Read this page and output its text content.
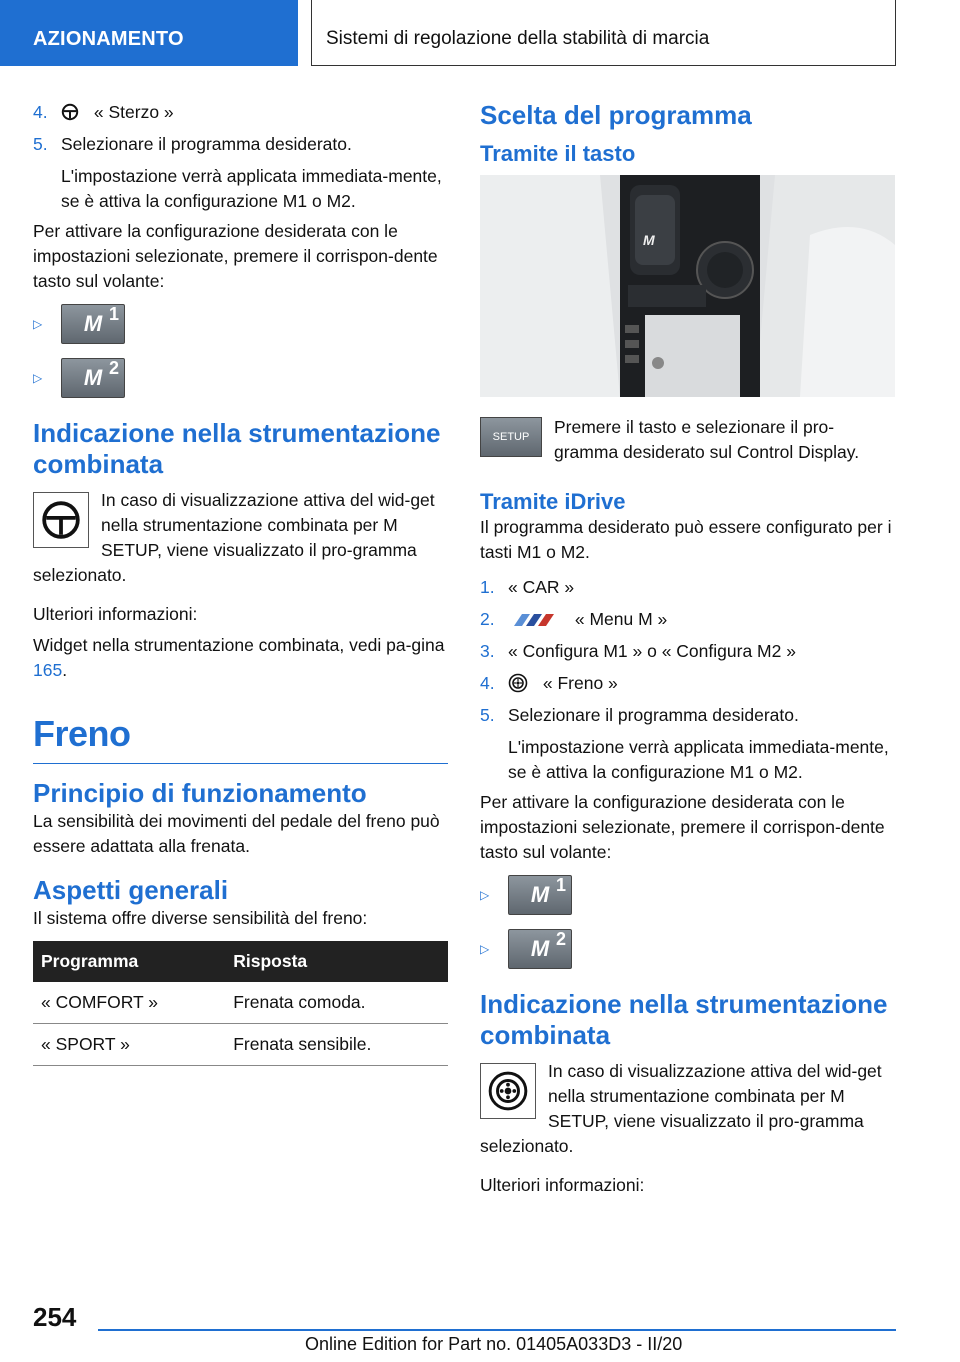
AZIONAMENTO	Sistemi di regolazione della stabilità di marcia
4.	« Sterzo »
5. Selezionare il programma desiderato.
L'impostazione verrà applicata immediata-mente, se è attiva la configurazione M1 o M2.

Per attivare la configurazione desiderata con le impostazioni selezionate, premere il corrispon-dente tasto sul volante:

▷	M 1
▷	M 2
Indicazione nella strumentazione combinata
In caso di visualizzazione attiva del wid-get nella strumentazione combinata per M SETUP, viene visualizzato il pro-gramma selezionato.

Ulteriori informazioni:

Widget nella strumentazione combinata, vedi pa-gina 165.

Freno
Principio di funzionamento

La sensibilità dei movimenti del pedale del freno può essere adattata alla frenata.

Aspetti generali

Il sistema offre diverse sensibilità del freno:

Programma	Risposta
« COMFORT »	Frenata comoda.
« SPORT »	Frenata sensibile.
Scelta del programma
Tramite il tasto
M
SETUP	Premere il tasto e selezionare il pro-gramma desiderato sul Control Display.

Tramite iDrive

Il programma desiderato può essere configurato per i tasti M1 o M2.

1. « CAR »
2.	« Menu M »
3. « Configura M1 » o « Configura M2 »
4.	« Freno »
5. Selezionare il programma desiderato.
L'impostazione verrà applicata immediata-mente, se è attiva la configurazione M1 o M2.

Per attivare la configurazione desiderata con le impostazioni selezionate, premere il corrispon-dente tasto sul volante:

▷	M 1
▷	M 2
Indicazione nella strumentazione combinata
In caso di visualizzazione attiva del wid-get nella strumentazione combinata per M SETUP, viene visualizzato il pro-gramma selezionato.

Ulteriori informazioni:

254
Online Edition for Part no. 01405A033D3 - II/20
